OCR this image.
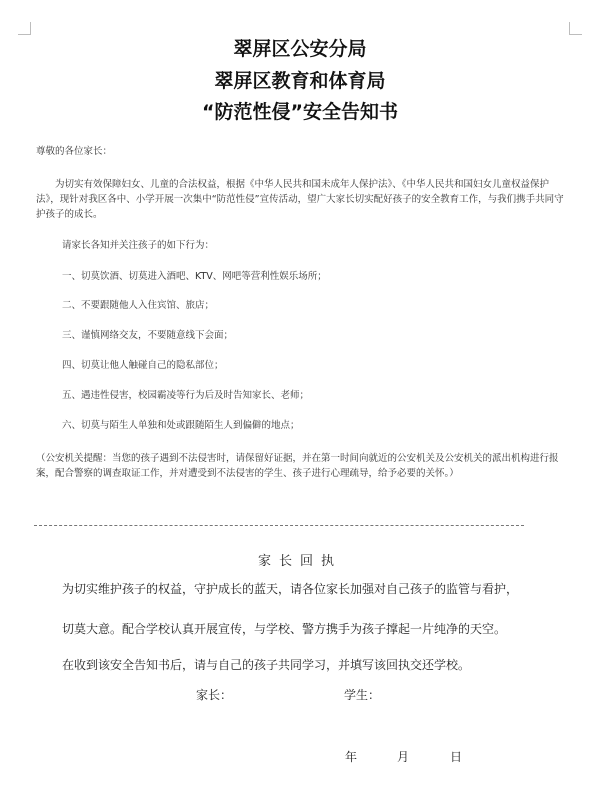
翠屏区公安分局
翠屏区教育和体育局
“防范性侵”安全告知书
尊敬的各位家长：
为切实有效保障妇女、儿童的合法权益，根据《中华人民共和国未成年人保护法》、《中华人民共和国妇女儿童权益保护法》，现针对我区各中、小学开展一次集中“防范性侵”宣传活动，望广大家长切实配好孩子的安全教育工作，与我们携手共同守护孩子的成长。
请家长各知并关注孩子的如下行为：
一、切莫饮酒、切莫进入酒吧、KTV、网吧等营利性娱乐场所；
二、不要跟随他人入住宾馆、旅店；
三、谨慎网络交友，不要随意线下会面；
四、切莫让他人触碰自己的隐私部位；
五、遇违性侵害，校园霸凌等行为后及时告知家长、老师；
六、切莫与陌生人单独和处或跟随陌生人到偏僻的地点；
（公安机关提醒：当您的孩子遇到不法侵害时，请保留好证据，并在第一时间向就近的公安机关及公安机关的派出机构进行报案，配合警察的调查取证工作，并对遭受到不法侵害的学生、孩子进行心理疏导，给予必要的关怀。）
家长回执
为切实维护孩子的权益，守护成长的蓝天，请各位家长加强对自己孩子的监管与看护，
切莫大意。配合学校认真开展宣传，与学校、警方携手为孩子撑起一片纯净的天空。
在收到该安全告知书后，请与自己的孩子共同学习，并填写该回执交还学校。
家长：	学生：
年	月	日
